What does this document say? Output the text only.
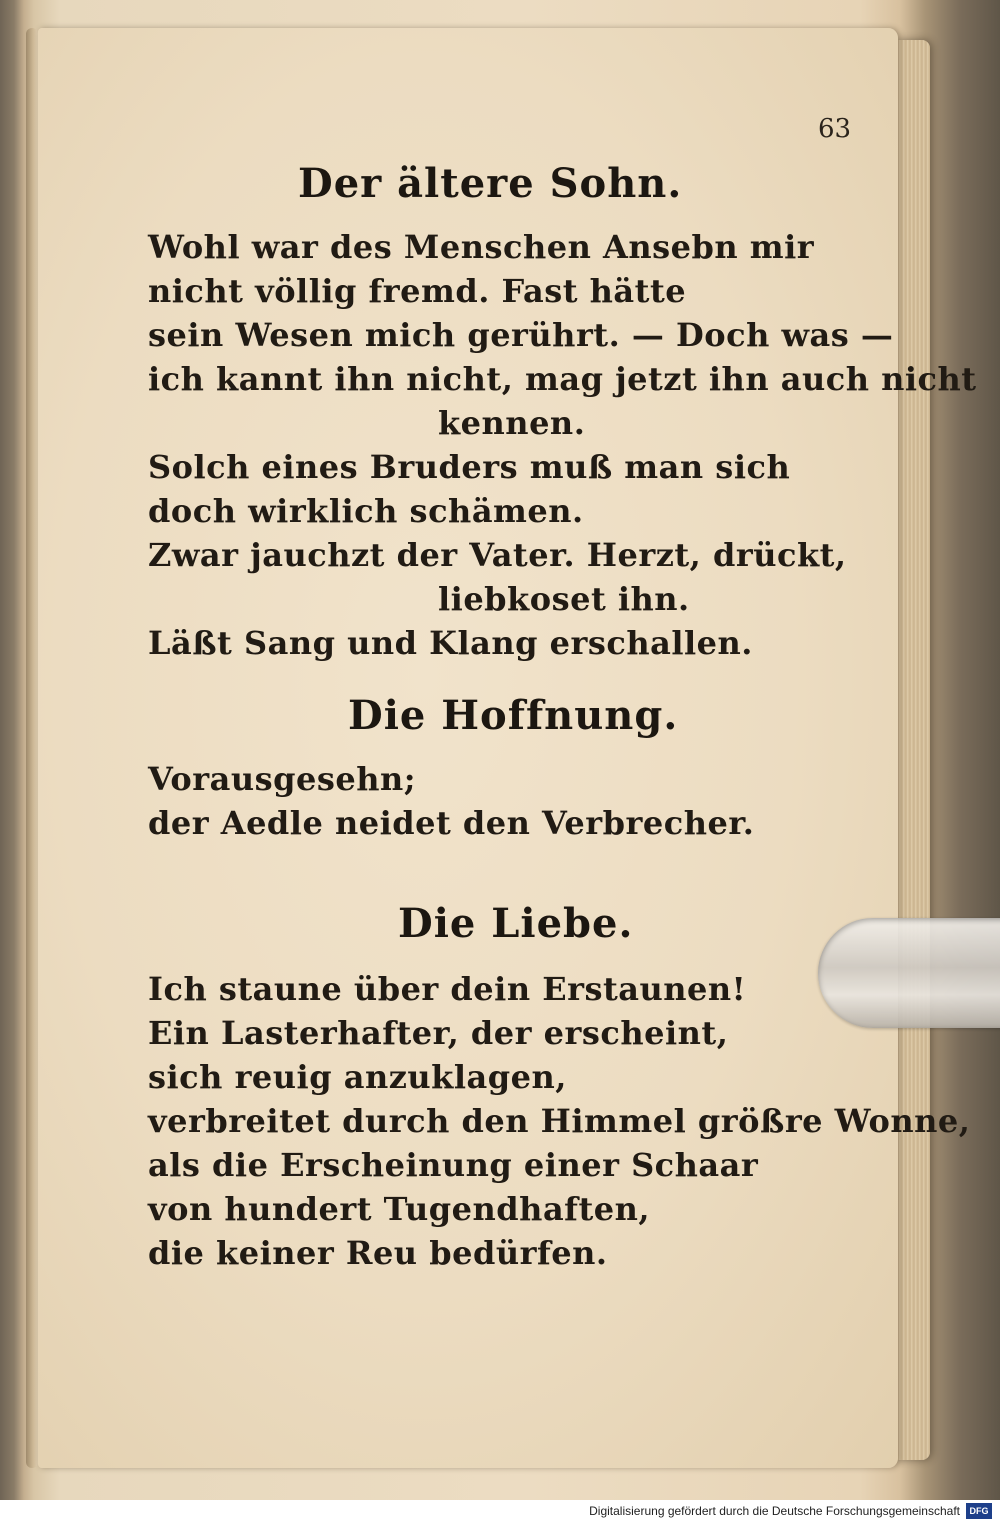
63
Der ältere Sohn.
Wohl war des Menschen Ansebn mir
nicht völlig fremd. Fast hätte
sein Wesen mich gerührt. — Doch was —
ich kannt ihn nicht, mag jetzt ihn auch nicht
kennen.
Solch eines Bruders muß man sich
doch wirklich schämen.
Zwar jauchzt der Vater. Herzt, drückt,
liebkoset ihn.
Läßt Sang und Klang erschallen.
Die Hoffnung.
Vorausgesehn;
der Aedle neidet den Verbrecher.
Die Liebe.
Ich staune über dein Erstaunen!
Ein Lasterhafter, der erscheint,
sich reuig anzuklagen,
verbreitet durch den Himmel größre Wonne,
als die Erscheinung einer Schaar
von hundert Tugendhaften,
die keiner Reu bedürfen.
Digitalisierung gefördert durch die Deutsche Forschungsgemeinschaft	DFG
